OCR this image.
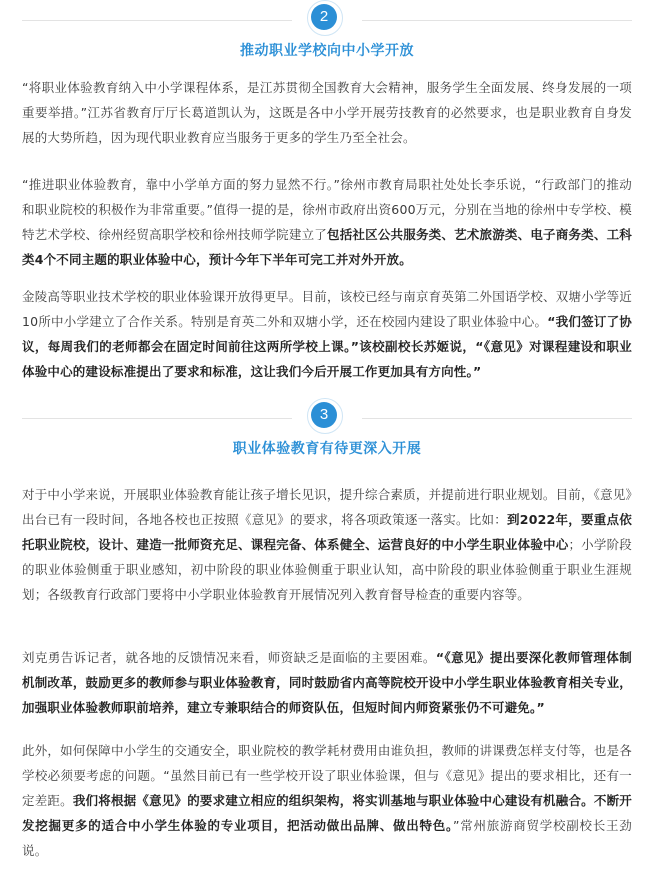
2
推动职业学校向中小学开放

“将职业体验教育纳入中小学课程体系，是江苏贯彻全国教育大会精神，服务学生全面发展、终身发展的一项重要举措。”江苏省教育厅厅长葛道凯认为，这既是各中小学开展劳技教育的必然要求，也是职业教育自身发展的大势所趋，因为现代职业教育应当服务于更多的学生乃至全社会。

“推进职业体验教育，靠中小学单方面的努力显然不行。”徐州市教育局职社处处长李乐说，“行政部门的推动和职业院校的积极作为非常重要。”值得一提的是，徐州市政府出资600万元，分别在当地的徐州中专学校、模特艺术学校、徐州经贸高职学校和徐州技师学院建立了包括社区公共服务类、艺术旅游类、电子商务类、工科类4个不同主题的职业体验中心，预计今年下半年可完工并对外开放。

金陵高等职业技术学校的职业体验课开放得更早。目前，该校已经与南京育英第二外国语学校、双塘小学等近10所中小学建立了合作关系。特别是育英二外和双塘小学，还在校园内建设了职业体验中心。“我们签订了协议，每周我们的老师都会在固定时间前往这两所学校上课。”该校副校长苏姬说，“《意见》对课程建设和职业体验中心的建设标准提出了要求和标准，这让我们今后开展工作更加具有方向性。”

3
职业体验教育有待更深入开展

对于中小学来说，开展职业体验教育能让孩子增长见识，提升综合素质，并提前进行职业规划。目前，《意见》出台已有一段时间，各地各校也正按照《意见》的要求，将各项政策逐一落实。比如：到2022年，要重点依托职业院校，设计、建造一批师资充足、课程完备、体系健全、运营良好的中小学生职业体验中心；小学阶段的职业体验侧重于职业感知，初中阶段的职业体验侧重于职业认知，高中阶段的职业体验侧重于职业生涯规划；各级教育行政部门要将中小学职业体验教育开展情况列入教育督导检查的重要内容等。

刘克勇告诉记者，就各地的反馈情况来看，师资缺乏是面临的主要困难。“《意见》提出要深化教师管理体制机制改革，鼓励更多的教师参与职业体验教育，同时鼓励省内高等院校开设中小学生职业体验教育相关专业，加强职业体验教师职前培养，建立专兼职结合的师资队伍，但短时间内师资紧张仍不可避免。”

此外，如何保障中小学生的交通安全，职业院校的教学耗材费用由谁负担，教师的讲课费怎样支付等，也是各学校必须要考虑的问题。“虽然目前已有一些学校开设了职业体验课，但与《意见》提出的要求相比，还有一定差距。我们将根据《意见》的要求建立相应的组织架构，将实训基地与职业体验中心建设有机融合。不断开发挖掘更多的适合中小学生体验的专业项目，把活动做出品牌、做出特色。”常州旅游商贸学校副校长王劲说。
